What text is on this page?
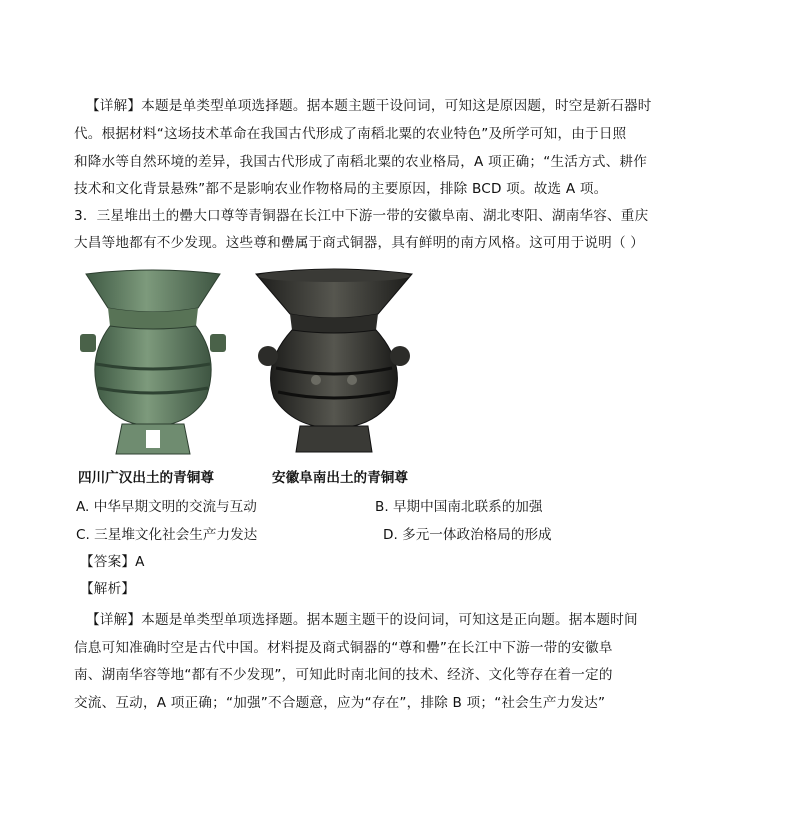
【详解】本题是单类型单项选择题。据本题主题干设问词，可知这是原因题，时空是新石器时
代。根据材料“这场技术革命在我国古代形成了南稻北粟的农业特色”及所学可知，由于日照
和降水等自然环境的差异，我国古代形成了南稻北粟的农业格局，A 项正确；“生活方式、耕作
技术和文化背景悬殊”都不是影响农业作物格局的主要原因，排除 BCD 项。故选 A 项。
3．三星堆出土的罍大口尊等青铜器在长江中下游一带的安徽阜南、湖北枣阳、湖南华容、重庆
大昌等地都有不少发现。这些尊和罍属于商式铜器，具有鲜明的南方风格。这可用于说明（ ）
四川广汉出土的青铜尊	安徽阜南出土的青铜尊
A. 中华早期文明的交流与互动	B. 早期中国南北联系的加强
C. 三星堆文化社会生产力发达	D. 多元一体政治格局的形成
【答案】A
【解析】
【详解】本题是单类型单项选择题。据本题主题干的设问词，可知这是正向题。据本题时间
信息可知准确时空是古代中国。材料提及商式铜器的“尊和罍”在长江中下游一带的安徽阜
南、湖南华容等地“都有不少发现”，可知此时南北间的技术、经济、文化等存在着一定的
交流、互动，A 项正确；“加强”不合题意，应为“存在”，排除 B 项；“社会生产力发达”
